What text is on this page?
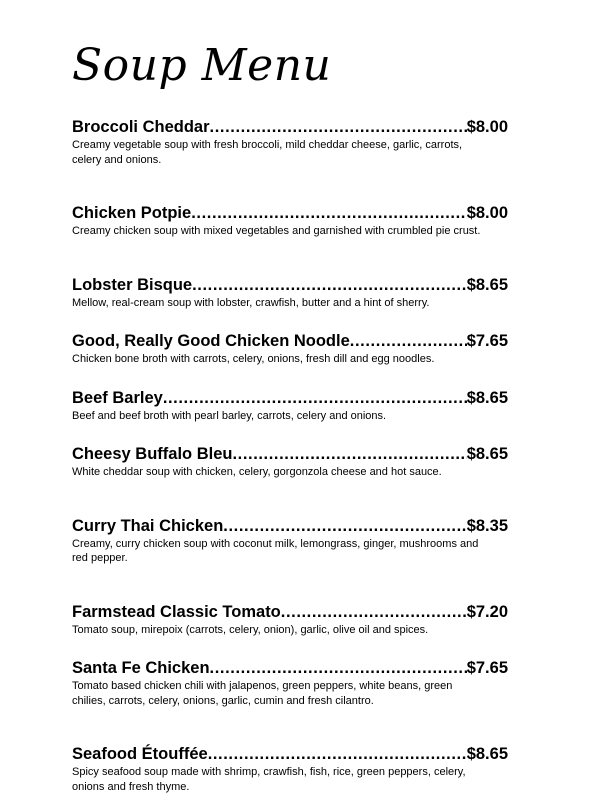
Soup Menu
Broccoli Cheddar .....	$8.00

Creamy vegetable soup with fresh broccoli, mild cheddar cheese, garlic, carrots, celery and onions.

Chicken Potpie .....	$8.00

Creamy chicken soup with mixed vegetables and garnished with crumbled pie crust.

Lobster Bisque .....	$8.65

Mellow, real-cream soup with lobster, crawfish, butter and a hint of sherry.

Good, Really Good Chicken Noodle .....	$7.65

Chicken bone broth with carrots, celery, onions, fresh dill and egg noodles.

Beef Barley .....	$8.65

Beef and beef broth with pearl barley, carrots, celery and onions.

Cheesy Buffalo Bleu .....	$8.65

White cheddar soup with chicken, celery, gorgonzola cheese and hot sauce.

Curry Thai Chicken .....	$8.35

Creamy, curry chicken soup with coconut milk, lemongrass, ginger, mushrooms and red pepper.

Farmstead Classic Tomato .....	$7.20

Tomato soup, mirepoix (carrots, celery, onion), garlic, olive oil and spices.

Santa Fe Chicken .....	$7.65

Tomato based chicken chili with jalapenos, green peppers, white beans, green chilies, carrots, celery, onions, garlic, cumin and fresh cilantro.

Seafood Étouffée .....	$8.65

Spicy seafood soup made with shrimp, crawfish, fish, rice, green peppers, celery, onions and fresh thyme.
